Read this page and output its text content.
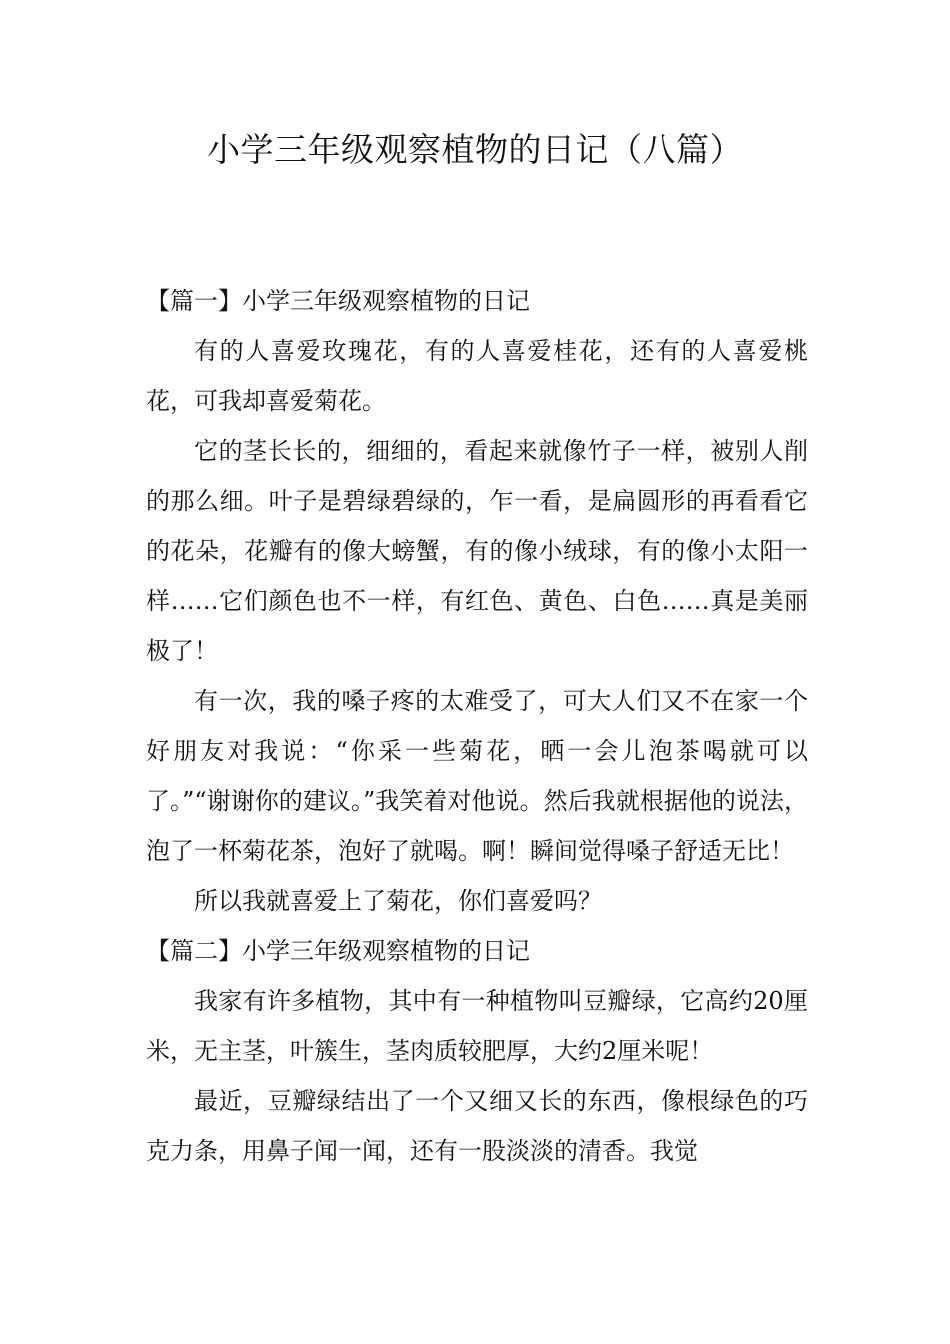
小学三年级观察植物的日记（八篇）

【篇一】小学三年级观察植物的日记

有的人喜爱玫瑰花，有的人喜爱桂花，还有的人喜爱桃花，可我却喜爱菊花。

它的茎长长的，细细的，看起来就像竹子一样，被别人削的那么细。叶子是碧绿碧绿的，乍一看，是扁圆形的再看看它的花朵，花瓣有的像大螃蟹，有的像小绒球，有的像小太阳一样……它们颜色也不一样，有红色、黄色、白色……真是美丽极了！

有一次，我的嗓子疼的太难受了，可大人们又不在家一个好朋友对我说：“你采一些菊花，晒一会儿泡茶喝就可以了。”“谢谢你的建议。”我笑着对他说。然后我就根据他的说法，泡了一杯菊花茶，泡好了就喝。啊！瞬间觉得嗓子舒适无比！

所以我就喜爱上了菊花，你们喜爱吗？

【篇二】小学三年级观察植物的日记

我家有许多植物，其中有一种植物叫豆瓣绿，它高约20厘米，无主茎，叶簇生，茎肉质较肥厚，大约2厘米呢！

最近，豆瓣绿结出了一个又细又长的东西，像根绿色的巧克力条，用鼻子闻一闻，还有一股淡淡的清香。我觉
